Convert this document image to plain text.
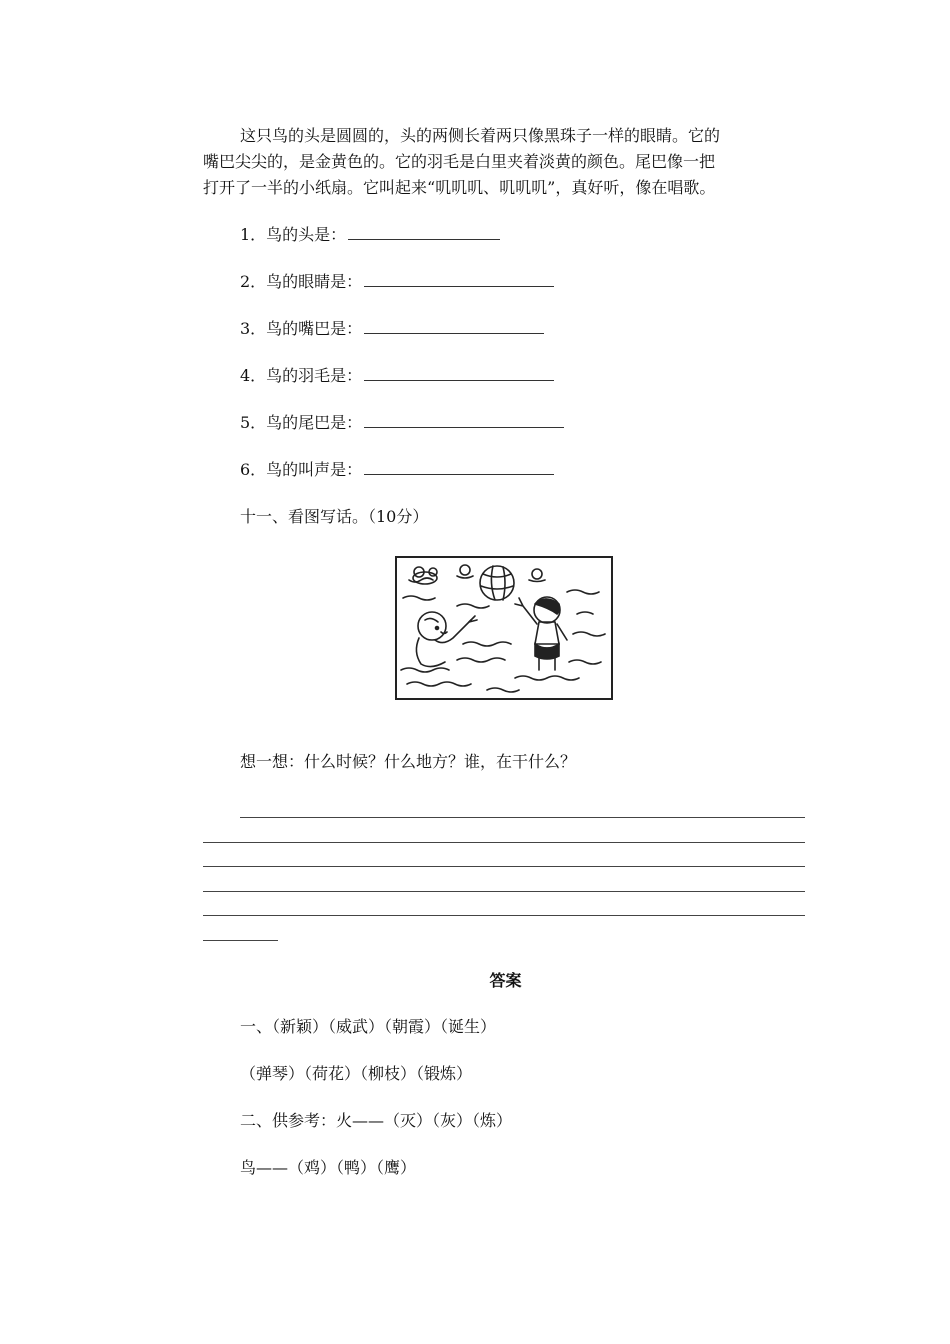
这只鸟的头是圆圆的，头的两侧长着两只像黑珠子一样的眼睛。它的
嘴巴尖尖的，是金黄色的。它的羽毛是白里夹着淡黄的颜色。尾巴像一把
打开了一半的小纸扇。它叫起来“叽叽叽、叽叽叽”，真好听，像在唱歌。
1．鸟的头是：
2．鸟的眼睛是：
3．鸟的嘴巴是：
4．鸟的羽毛是：
5．鸟的尾巴是：
6．鸟的叫声是：
十一、看图写话。（10分）
想一想：什么时候？什么地方？谁，在干什么？
答案
一、（新颖）（威武）（朝霞）（诞生）
（弹琴）（荷花）（柳枝）（锻炼）
二、供参考：火——（灭）（灰）（炼）
鸟——（鸡）（鸭）（鹰）
